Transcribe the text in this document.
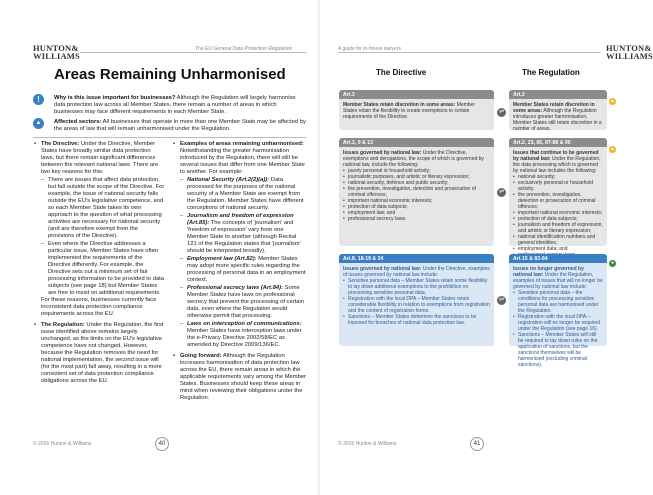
HUNTON&
WILLIAMS
The EU General Data Protection Regulation
Areas Remaining Unharmonised
!	Why is this issue important for businesses? Although the Regulation will largely harmonise data protection law across all Member States, there remain a number of areas in which businesses may face different requirements in each Member State.
▲	Affected sectors: All businesses that operate in more than one Member State may be affected by the areas of law that will remain unharmonised under the Regulation.
• The Directive: Under the Directive, Member States have broadly similar data protection laws, but there remain significant differences between the relevant national laws. There are two key reasons for this:
– There are issues that affect data protection, but fall outside the scope of the Directive. For example, the issue of national security falls outside the EU's legislative competence, and so each Member State takes its own approach to the question of what processing activities are necessary for national security (and are therefore exempt from the provisions of the Directive).
– Even where the Directive addresses a particular issue, Member States have often implemented the requirements of the Directive differently. For example, the Directive sets out a minimum set of fair processing information to be provided to data subjects (see page 18) but Member States are free to insist on additional requirements.
For these reasons, businesses currently face inconsistent data protection compliance requirements across the EU.
• The Regulation: Under the Regulation, the first issue identified above remains largely unchanged, as the limits on the EU's legislative competence have not changed. However, because the Regulation removes the need for national implementation, the second issue will (for the most part) fall away, resulting in a more consistent set of data protection compliance obligations across the EU.
• Examples of areas remaining unharmonised: Notwithstanding the greater harmonisation introduced by the Regulation, there will still be several issues that differ from one Member State to another. For example:
– National Security (Art.2(2)(a)): Data processed for the purposes of the national security of a Member State are exempt from the Regulation. Member States have different conceptions of national security.
– Journalism and freedom of expression (Art.85): The concepts of 'journalism' and 'freedom of expression' vary from one Member State to another (although Recital 121 of the Regulation states that 'journalism' should be interpreted broadly).
– Employment law (Art.82): Member States may adopt more specific rules regarding the processing of personal data in an employment context.
– Professional secrecy laws (Art.84): Some Member States have laws on professional secrecy that prevent the processing of certain data, even where the Regulation would otherwise permit that processing.
– Laws on interception of communications: Member States have interception laws under the e-Privacy Directive 2002/58/EC as amended by Directive 2009/136/EC.
• Going forward: Although the Regulation increases harmonisation of data protection law across the EU, there remain areas in which the applicable requirements vary among the Member States. Businesses should keep these areas in mind when reviewing their obligations under the Regulation.
© 2016 Hunton & Williams	40
A guide for in-house lawyers	HUNTON&
WILLIAMS
The Directive	The Regulation
Art.3
Member States retain discretion in some areas: Member States retain the flexibility to create exemptions to certain requirements of the Directive.
⇌
Art.2
Member States retain discretion in some areas: Although the Regulation introduces greater harmonisation, Member States still retain discretion in a number of areas.
▲
Art.3, 9 & 13
Issues governed by national law: Under the Directive, exemptions and derogations, the scope of which is governed by national law, include the following:
• purely personal or household activity;
• journalistic purposes, and artistic or literary expression;
• national security, defence and public security;
• the prevention, investigation, detection and prosecution of criminal offences;
• important national economic interests;
• protection of data subjects;
• employment law; and
• professional secrecy laws.
⇌
Art.2, 23, 85, 87-88 & 90
Issues that continue to be governed by national law: Under the Regulation, the data processing which is governed by national law includes the following:
• national security;
• exclusively personal or household activity;
• the prevention, investigation, detection or prosecution of criminal offences;
• important national economic interests;
• protection of data subjects;
• journalism and freedom of expression, and artistic or literary expression;
• national identification numbers and general identities;
• employment data; and
•
▲
Art.8, 18-19 & 24
Issues governed by national law: Under the Directive, examples of issues governed by national law include:
• Sensitive personal data – Member States retain some flexibility to lay down additional exemptions to the prohibition on processing sensitive personal data.
• Registration with the local DPA – Member States retain considerable flexibility in relation to exemptions from registration and the content of registration forms.
• Sanctions – Member States determine the sanctions to be imposed for breaches of national data protection law.
⇌
Art.15 & 83-84
Issues no longer governed by national law: Under the Regulation, examples of issues that will no longer be governed by national law include:
• Sensitive personal data – the conditions for processing sensitive personal data are harmonised under the Regulation.
• Registration with the local DPA – registration will no longer be required under the Regulation (see page 16).
• Sanctions – Member States will still be required to lay down rules on the application of sanctions, but the sanctions themselves will be harmonised (excluding criminal sanctions).
●
© 2016 Hunton & Williams	41
